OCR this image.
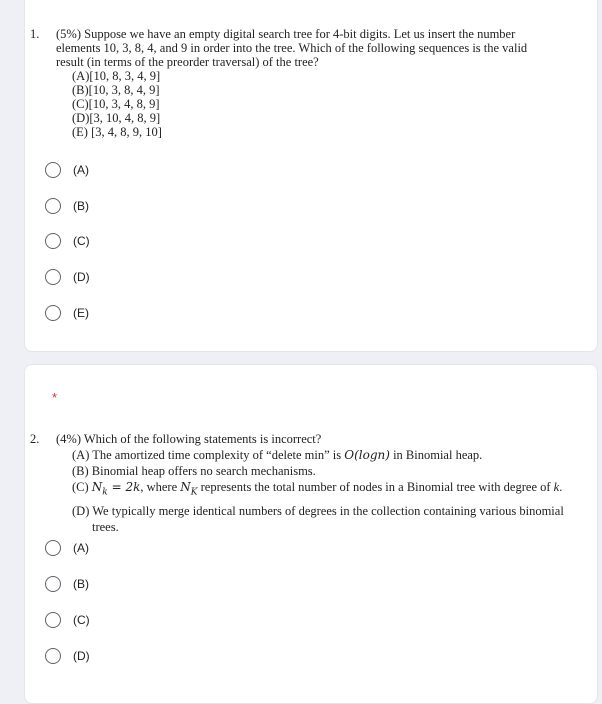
1. (5%) Suppose we have an empty digital search tree for 4-bit digits. Let us insert the number
elements 10, 3, 8, 4, and 9 in order into the tree. Which of the following sequences is the valid
result (in terms of the preorder traversal) of the tree?
(A)[10, 8, 3, 4, 9]
(B)[10, 3, 8, 4, 9]
(C)[10, 3, 4, 8, 9]
(D)[3, 10, 4, 8, 9]
(E) [3, 4, 8, 9, 10]
(A)
(B)
(C)
(D)
(E)
*
2. (4%) Which of the following statements is incorrect?
(A) The amortized time complexity of “delete min” is O(logn) in Binomial heap.
(B) Binomial heap offers no search mechanisms.
(C) $N_k = 2k$, where $N_K$ represents the total number of nodes in a Binomial tree with degree of k.
(D) We typically merge identical numbers of degrees in the collection containing various binomial
trees.
(A)
(B)
(C)
(D)
